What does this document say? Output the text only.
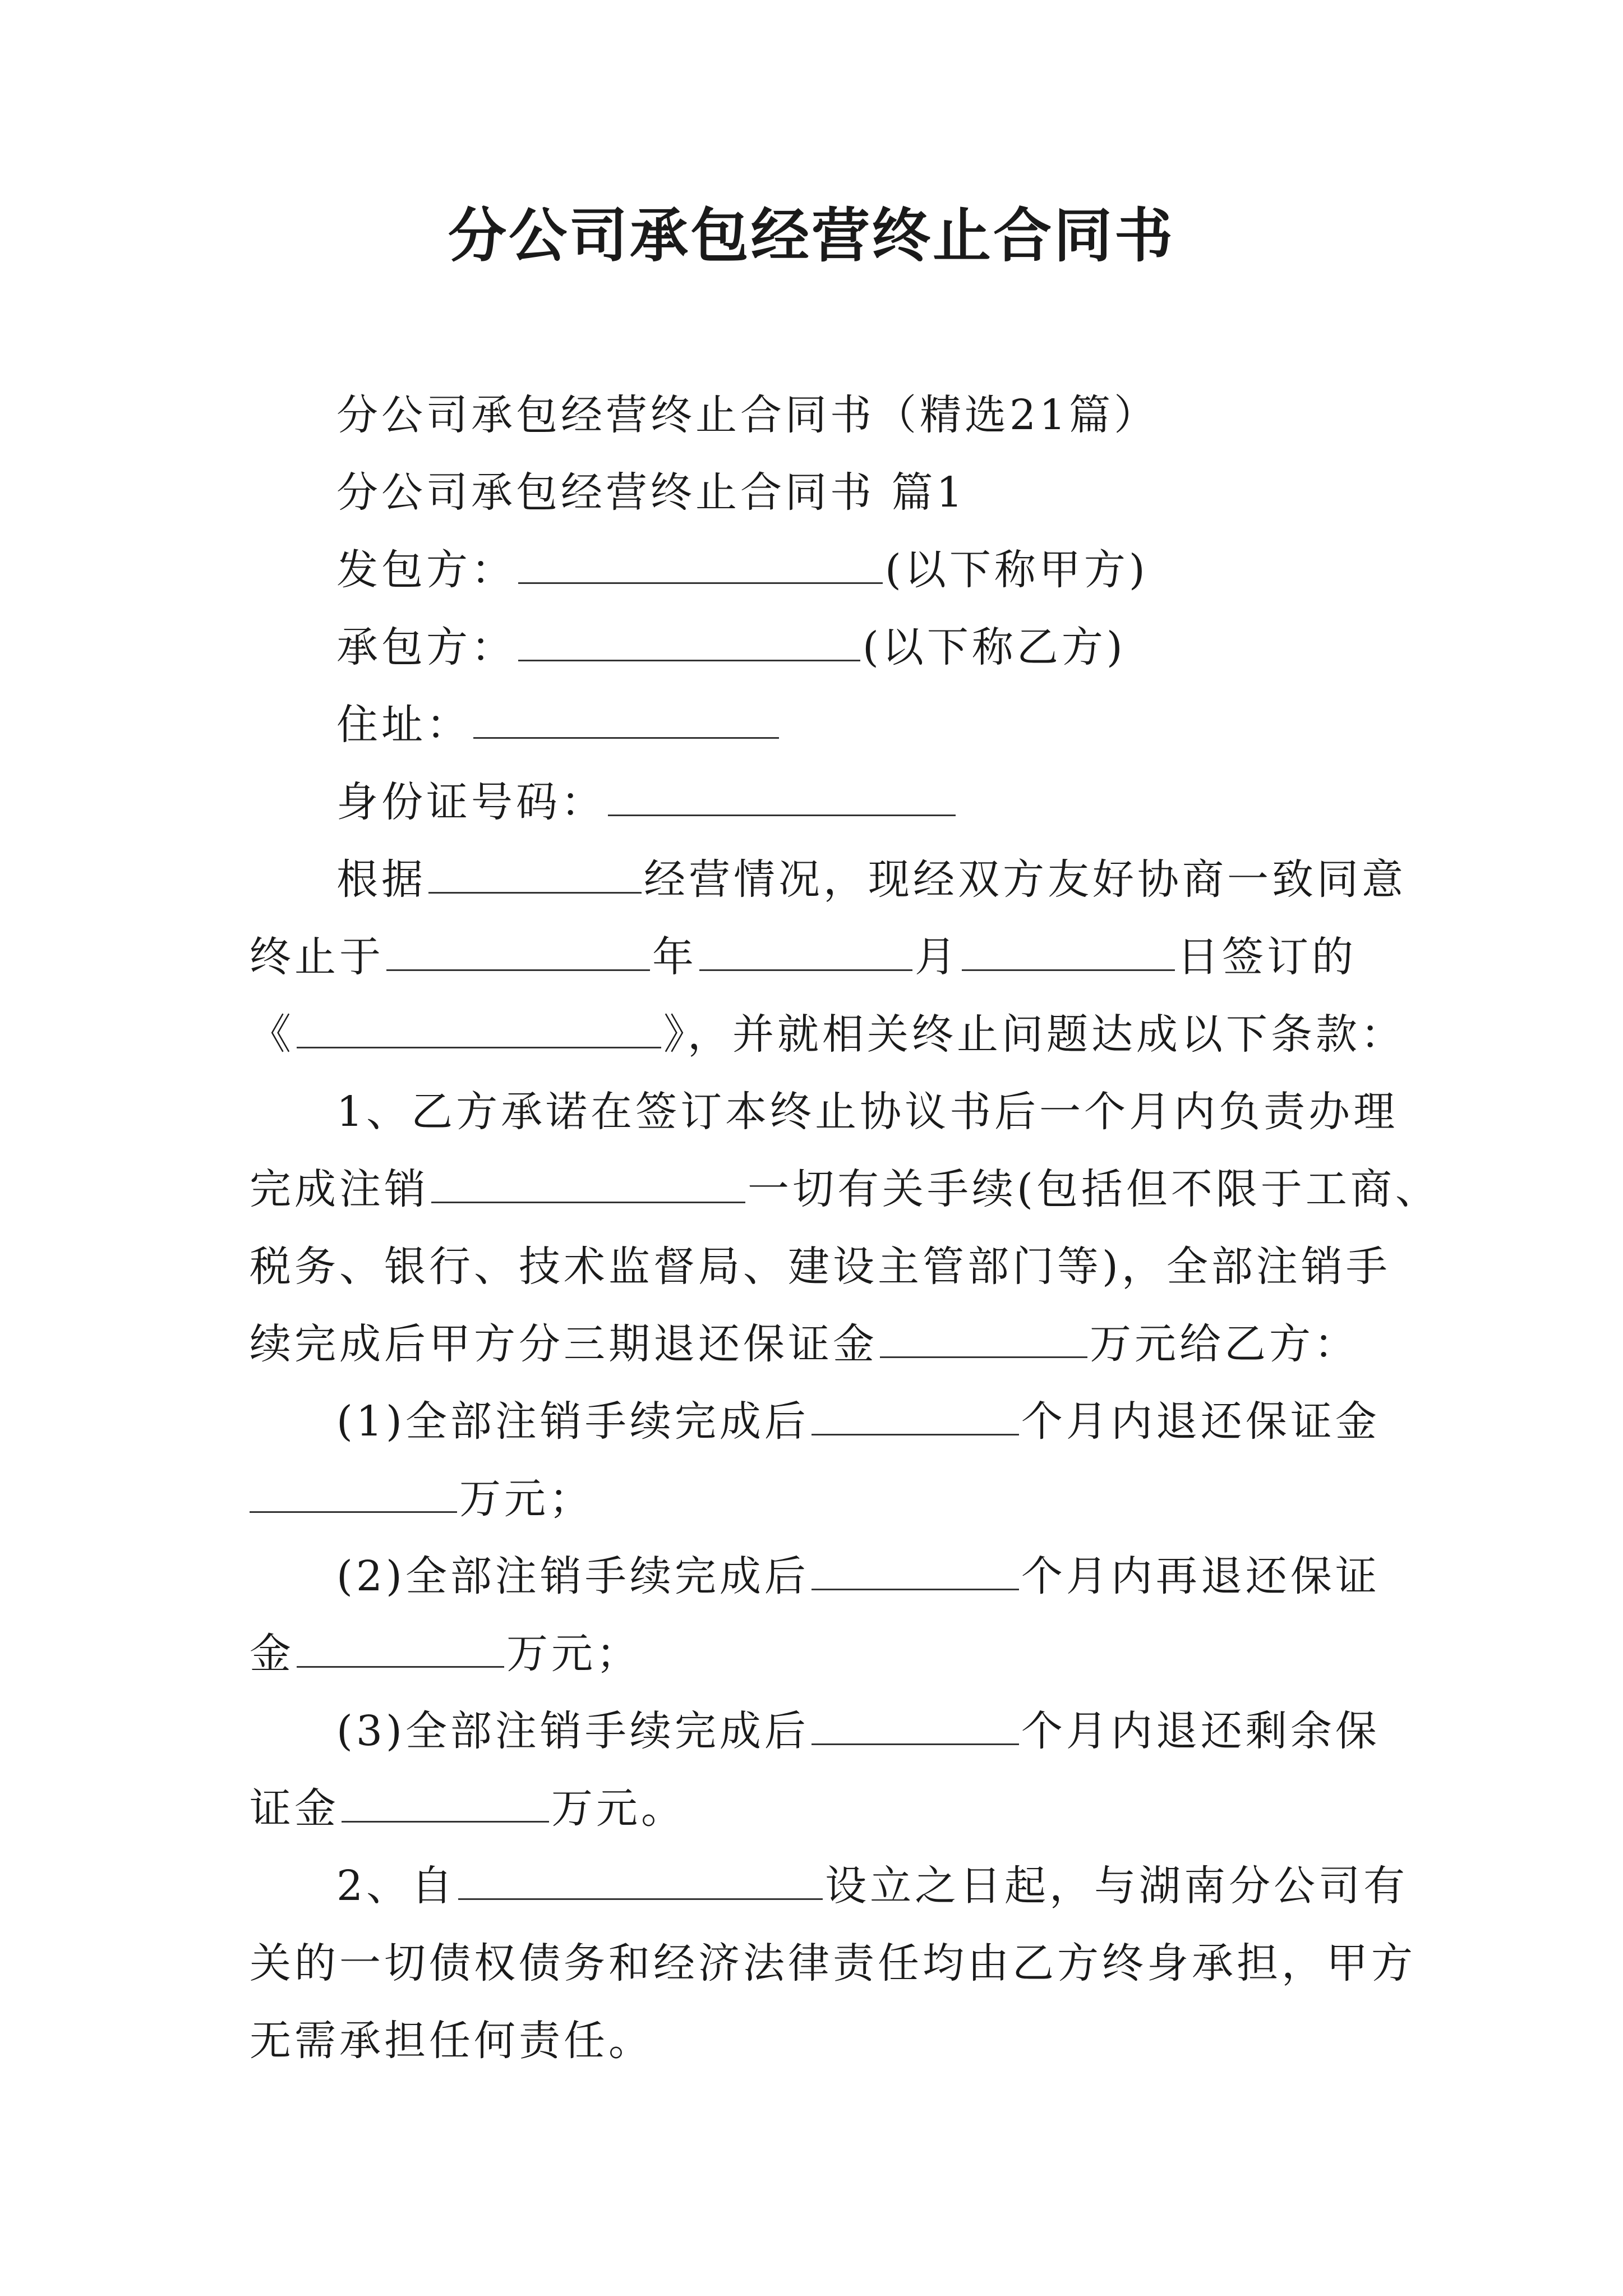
分公司承包经营终止合同书
分公司承包经营终止合同书（精选21篇）
分公司承包经营终止合同书 篇1
发包方：	(以下称甲方)
承包方：	(以下称乙方)
住址：
身份证号码：
根据	经营情况，现经双方友好协商一致同意
终止于	年	月	日签订的
《	》，并就相关终止问题达成以下条款：
1、乙方承诺在签订本终止协议书后一个月内负责办理
完成注销	一切有关手续(包括但不限于工商、
税务、银行、技术监督局、建设主管部门等)，全部注销手
续完成后甲方分三期退还保证金	万元给乙方：
(1)全部注销手续完成后	个月内退还保证金
万元；
(2)全部注销手续完成后	个月内再退还保证
金	万元；
(3)全部注销手续完成后	个月内退还剩余保
证金	万元。
2、自	设立之日起，与湖南分公司有
关的一切债权债务和经济法律责任均由乙方终身承担，甲方
无需承担任何责任。
